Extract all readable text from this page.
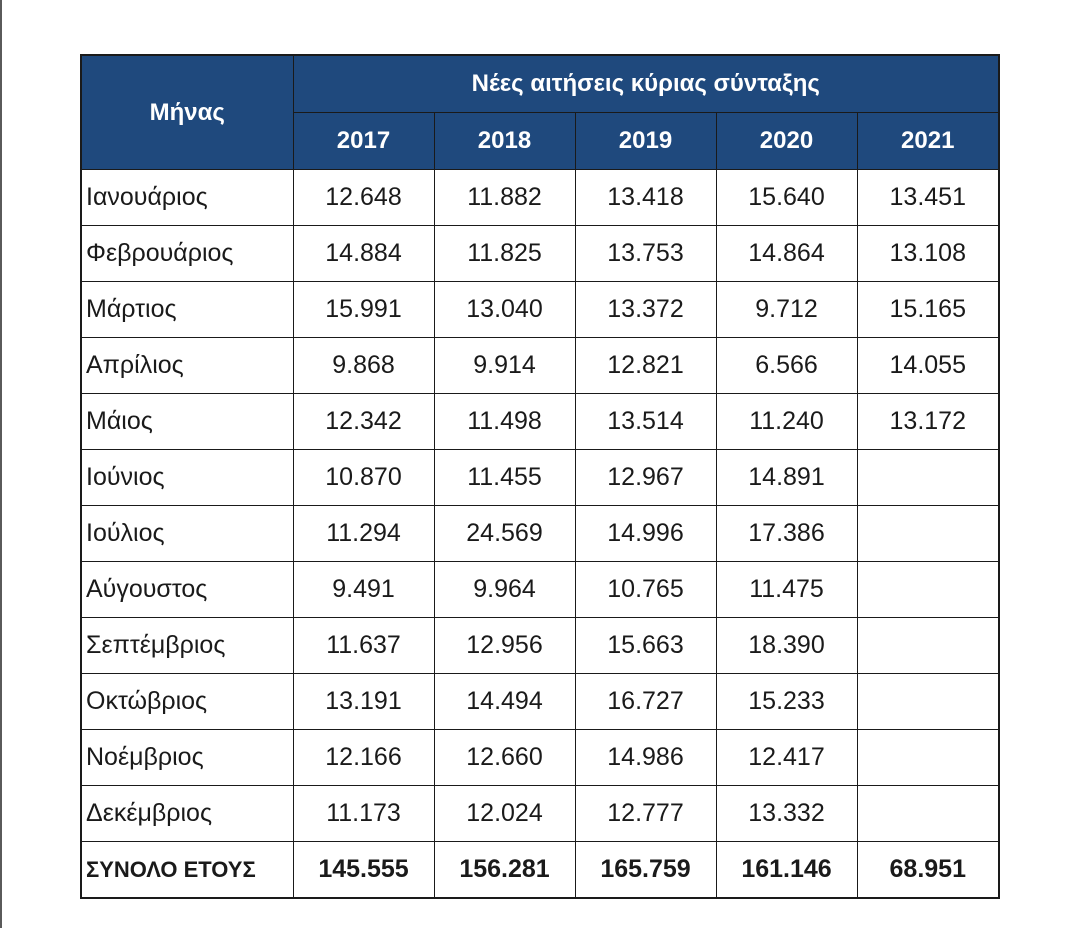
Μήνας	Νέες αιτήσεις κύριας σύνταξης				
	2017	2018	2019	2020	2021
Ιανουάριος	12.648	11.882	13.418	15.640	13.451
Φεβρουάριος	14.884	11.825	13.753	14.864	13.108
Μάρτιος	15.991	13.040	13.372	9.712	15.165
Απρίλιος	9.868	9.914	12.821	6.566	14.055
Μάιος	12.342	11.498	13.514	11.240	13.172
Ιούνιος	10.870	11.455	12.967	14.891	
Ιούλιος	11.294	24.569	14.996	17.386	
Αύγουστος	9.491	9.964	10.765	11.475	
Σεπτέμβριος	11.637	12.956	15.663	18.390	
Οκτώβριος	13.191	14.494	16.727	15.233	
Νοέμβριος	12.166	12.660	14.986	12.417	
Δεκέμβριος	11.173	12.024	12.777	13.332	
ΣΥΝΟΛΟ ΕΤΟΥΣ	145.555	156.281	165.759	161.146	68.951
